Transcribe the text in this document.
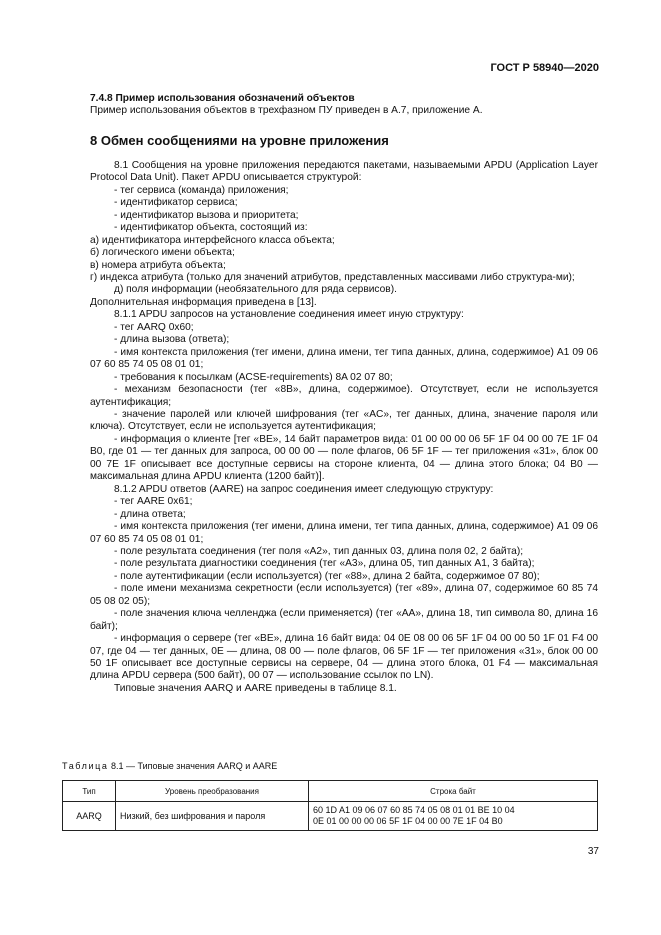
ГОСТ Р 58940—2020
7.4.8 Пример использования обозначений объектов
Пример использования объектов в трехфазном ПУ приведен в А.7, приложение А.
8 Обмен сообщениями на уровне приложения
8.1 Сообщения на уровне приложения передаются пакетами, называемыми APDU (Application Layer Protocol Data Unit). Пакет APDU описывается структурой:
- тег сервиса (команда) приложения;
- идентификатор сервиса;
- идентификатор вызова и приоритета;
- идентификатор объекта, состоящий из:
а) идентификатора интерфейсного класса объекта;
б) логического имени объекта;
в) номера атрибута объекта;
г) индекса атрибута (только для значений атрибутов, представленных массивами либо структура-ми);
д) поля информации (необязательного для ряда сервисов).
Дополнительная информация приведена в [13].
8.1.1 APDU запросов на установление соединения имеет иную структуру:
- тег AARQ 0x60;
- длина вызова (ответа);
- имя контекста приложения (тег имени, длина имени, тег типа данных, длина, содержимое) A1 09 06 07 60 85 74 05 08 01 01;
- требования к посылкам (ACSE-requirements) 8A 02 07 80;
- механизм безопасности (тег «8B», длина, содержимое). Отсутствует, если не используется аутентификация;
- значение паролей или ключей шифрования (тег «AC», тег данных, длина, значение пароля или ключа). Отсутствует, если не используется аутентификация;
- информация о клиенте [тег «BE», 14 байт параметров вида: 01 00 00 00 06 5F 1F 04 00 00 7E 1F 04 B0, где 01 — тег данных для запроса, 00 00 00 — поле флагов, 06 5F 1F — тег приложения «31», блок 00 00 7E 1F описывает все доступные сервисы на стороне клиента, 04 — длина этого блока; 04 B0 — максимальная длина APDU клиента (1200 байт)].
8.1.2 APDU ответов (AARE) на запрос соединения имеет следующую структуру:
- тег AARE 0x61;
- длина ответа;
- имя контекста приложения (тег имени, длина имени, тег типа данных, длина, содержимое) A1 09 06 07 60 85 74 05 08 01 01;
- поле результата соединения (тег поля «A2», тип данных 03, длина поля 02, 2 байта);
- поле результата диагностики соединения (тег «A3», длина 05, тип данных A1, 3 байта);
- поле аутентификации (если используется) (тег «88», длина 2 байта, содержимое 07 80);
- поле имени механизма секретности (если используется) (тег «89», длина 07, содержимое 60 85 74 05 08 02 05);
- поле значения ключа челленджа (если применяется) (тег «AA», длина 18, тип символа 80, длина 16 байт);
- информация о сервере (тег «BE», длина 16 байт вида: 04 0E 08 00 06 5F 1F 04 00 00 50 1F 01 F4 00 07, где 04 — тег данных, 0E — длина, 08 00 — поле флагов, 06 5F 1F — тег приложения «31», блок 00 00 50 1F описывает все доступные сервисы на сервере, 04 — длина этого блока, 01 F4 — максимальная длина APDU сервера (500 байт), 00 07 — использование ссылок по LN).
Типовые значения AARQ и AARE приведены в таблице 8.1.
Таблица 8.1 — Типовые значения AARQ и AARE
Тип	Уровень преобразования	Строка байт
AARQ	Низкий, без шифрования и пароля	60 1D A1 09 06 07 60 85 74 05 08 01 01 BE 10 04
0E 01 00 00 00 06 5F 1F 04 00 00 7E 1F 04 B0
37
